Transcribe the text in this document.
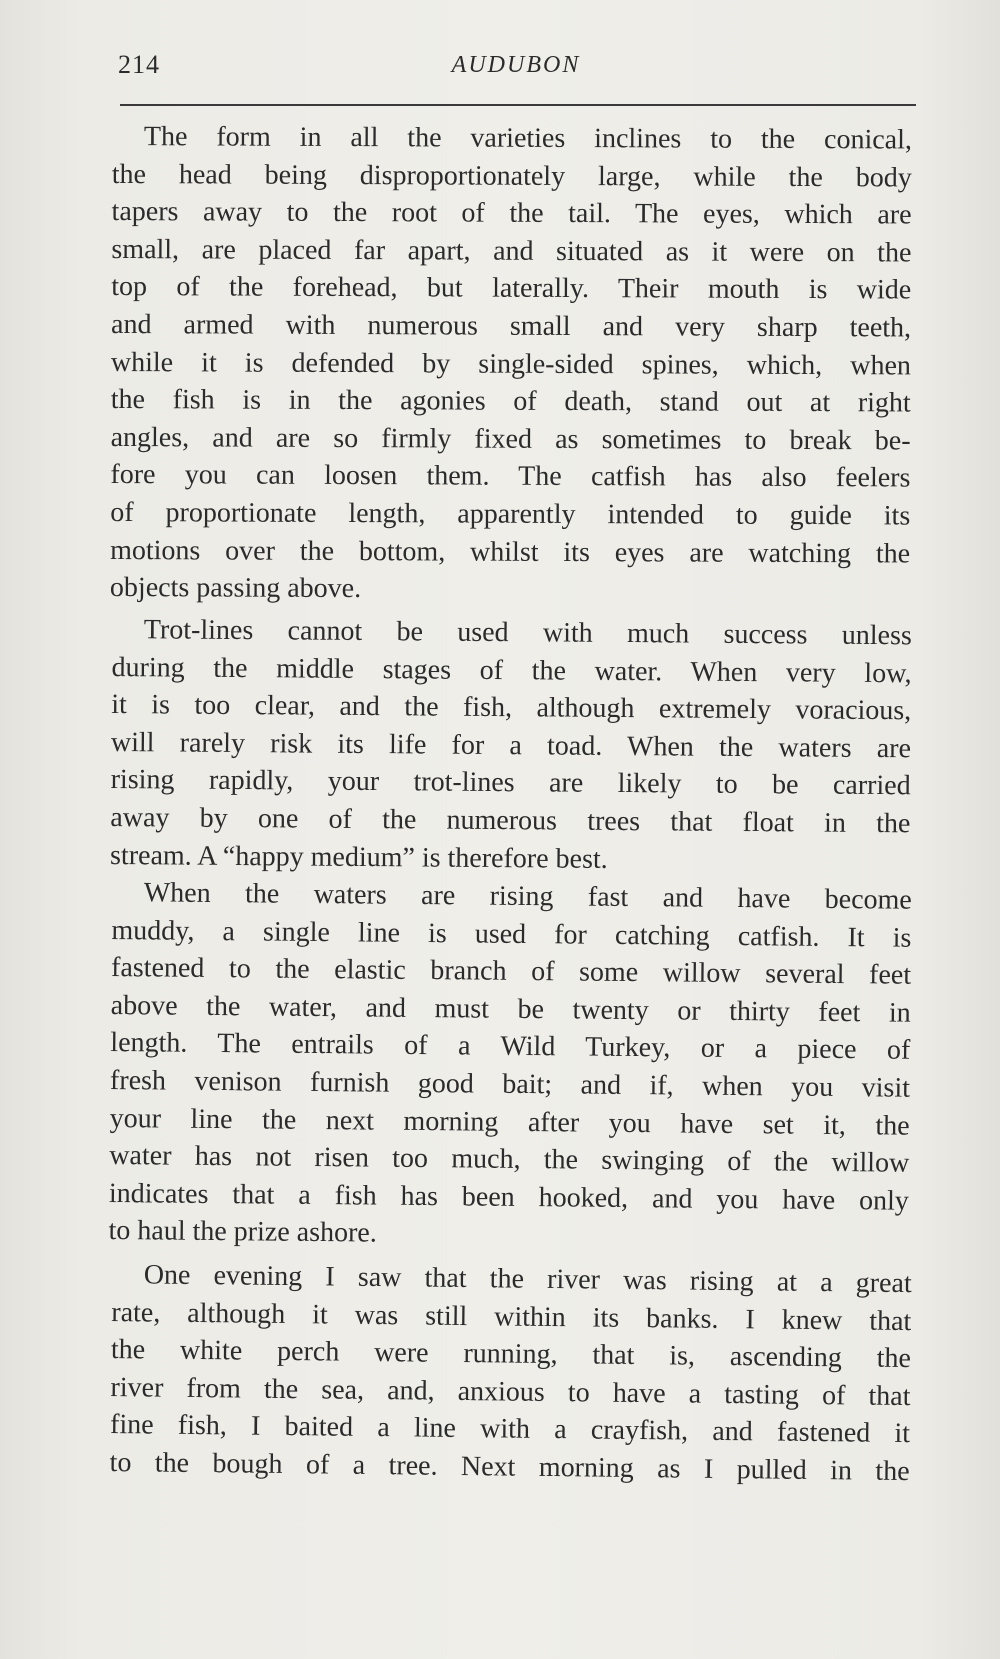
214	AUDUBON
The form in all the varieties inclines to the conical,
the head being disproportionately large, while the body
tapers away to the root of the tail. The eyes, which are
small, are placed far apart, and situated as it were on the
top of the forehead, but laterally. Their mouth is wide
and armed with numerous small and very sharp teeth,
while it is defended by single-sided spines, which, when
the fish is in the agonies of death, stand out at right
angles, and are so firmly fixed as sometimes to break be-
fore you can loosen them. The catfish has also feelers
of proportionate length, apparently intended to guide its
motions over the bottom, whilst its eyes are watching the
objects passing above.
Trot-lines cannot be used with much success unless
during the middle stages of the water. When very low,
it is too clear, and the fish, although extremely voracious,
will rarely risk its life for a toad. When the waters are
rising rapidly, your trot-lines are likely to be carried
away by one of the numerous trees that float in the
stream. A “happy medium” is therefore best.
When the waters are rising fast and have become
muddy, a single line is used for catching catfish. It is
fastened to the elastic branch of some willow several feet
above the water, and must be twenty or thirty feet in
length. The entrails of a Wild Turkey, or a piece of
fresh venison furnish good bait; and if, when you visit
your line the next morning after you have set it, the
water has not risen too much, the swinging of the willow
indicates that a fish has been hooked, and you have only
to haul the prize ashore.
One evening I saw that the river was rising at a great
rate, although it was still within its banks. I knew that
the white perch were running, that is, ascending the
river from the sea, and, anxious to have a tasting of that
fine fish, I baited a line with a crayfish, and fastened it
to the bough of a tree. Next morning as I pulled in the
